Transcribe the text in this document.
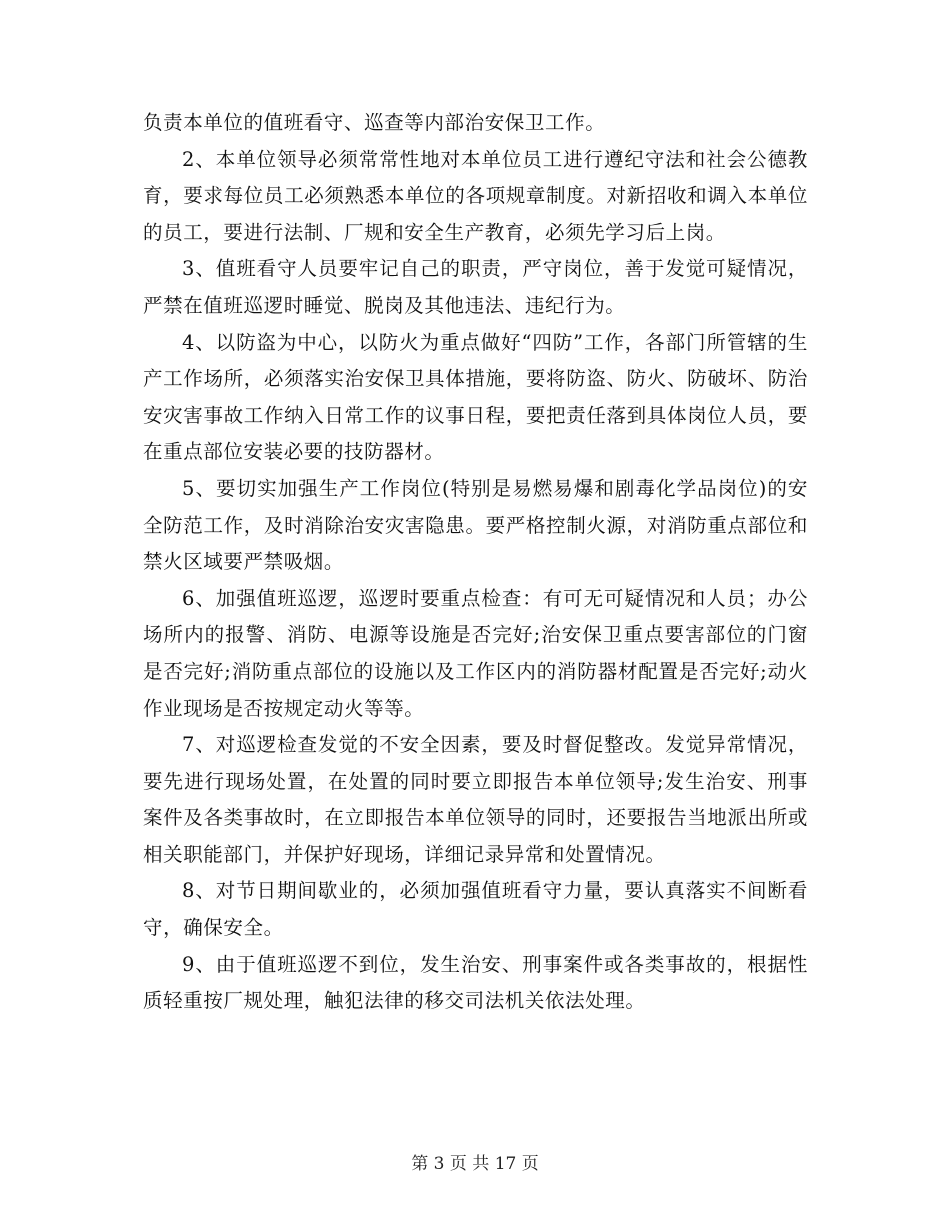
负责本单位的值班看守、巡查等内部治安保卫工作。

2、本单位领导必须常常性地对本单位员工进行遵纪守法和社会公德教育，要求每位员工必须熟悉本单位的各项规章制度。对新招收和调入本单位的员工，要进行法制、厂规和安全生产教育，必须先学习后上岗。

3、值班看守人员要牢记自己的职责，严守岗位，善于发觉可疑情况，严禁在值班巡逻时睡觉、脱岗及其他违法、违纪行为。

4、以防盗为中心，以防火为重点做好“四防”工作，各部门所管辖的生产工作场所，必须落实治安保卫具体措施，要将防盗、防火、防破坏、防治安灾害事故工作纳入日常工作的议事日程，要把责任落到具体岗位人员，要在重点部位安装必要的技防器材。

5、要切实加强生产工作岗位(特别是易燃易爆和剧毒化学品岗位)的安全防范工作，及时消除治安灾害隐患。要严格控制火源，对消防重点部位和禁火区域要严禁吸烟。

6、加强值班巡逻，巡逻时要重点检查：有可无可疑情况和人员；办公场所内的报警、消防、电源等设施是否完好;治安保卫重点要害部位的门窗是否完好;消防重点部位的设施以及工作区内的消防器材配置是否完好;动火作业现场是否按规定动火等等。

7、对巡逻检查发觉的不安全因素，要及时督促整改。发觉异常情况，要先进行现场处置，在处置的同时要立即报告本单位领导;发生治安、刑事案件及各类事故时，在立即报告本单位领导的同时，还要报告当地派出所或相关职能部门，并保护好现场，详细记录异常和处置情况。

8、对节日期间歇业的，必须加强值班看守力量，要认真落实不间断看守，确保安全。

9、由于值班巡逻不到位，发生治安、刑事案件或各类事故的，根据性质轻重按厂规处理，触犯法律的移交司法机关依法处理。

第 3 页 共 17 页
